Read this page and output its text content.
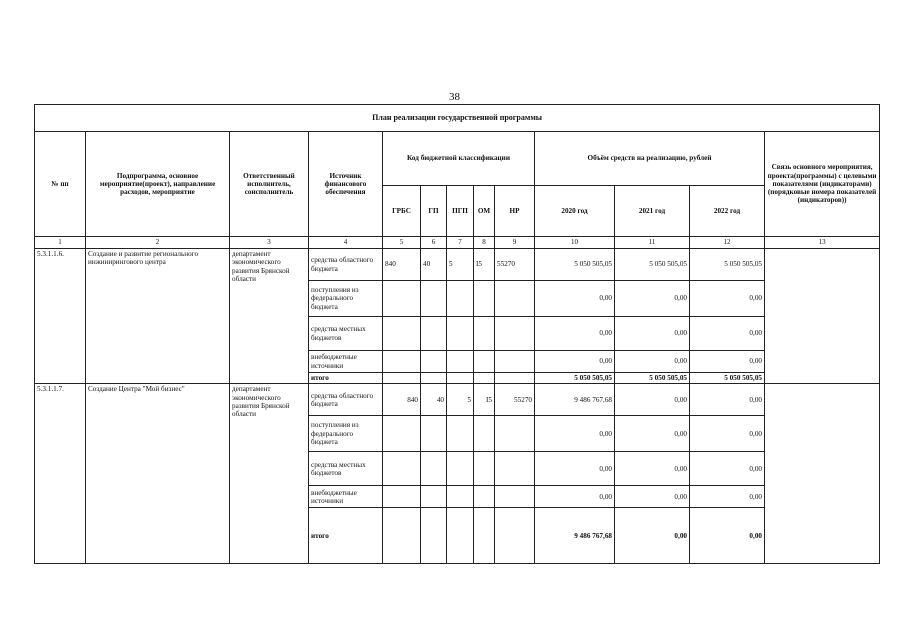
38
План реализации государственной программы												
№ пп	Подпрограмма, основное мероприятие(проект), направление расходов, мероприятие	Ответственный исполнитель, соисполнитель	Источник финансового обеспечения	Код бюджетной классификации					Объём средств на реализацию, рублей			Связь основного мероприятия, проекта(программы) с целевыми показателями (индикаторами) (порядковые номера показателей (индикаторов))
				ГРБС	ГП	ПГП	ОМ	НР	2020 год	2021 год	2022 год	
1	2	3	4	5	6	7	8	9	10	11	12	13
5.3.1.1.6.	Создание и развитие регионального инжинирингового центра	департамент экономического развития Брянской области	средства областного бюджета	840	40	5	I5	55270	5 050 505,05	5 050 505,05	5 050 505,05	
			поступления из федерального бюджета						0,00	0,00	0,00	
			средства местных бюджетов						0,00	0,00	0,00	
			внебюджетные источники						0,00	0,00	0,00	
			итого						5 050 505,05	5 050 505,05	5 050 505,05	
5.3.1.1.7.	Создание Центра "Мой бизнес"	департамент экономического развития Брянской области	средства областного бюджета	840	40	5	I5	55270	9 486 767,68	0,00	0,00	
			поступления из федерального бюджета						0,00	0,00	0,00	
			средства местных бюджетов						0,00	0,00	0,00	
			внебюджетные источники						0,00	0,00	0,00	
			итого						9 486 767,68	0,00	0,00	
